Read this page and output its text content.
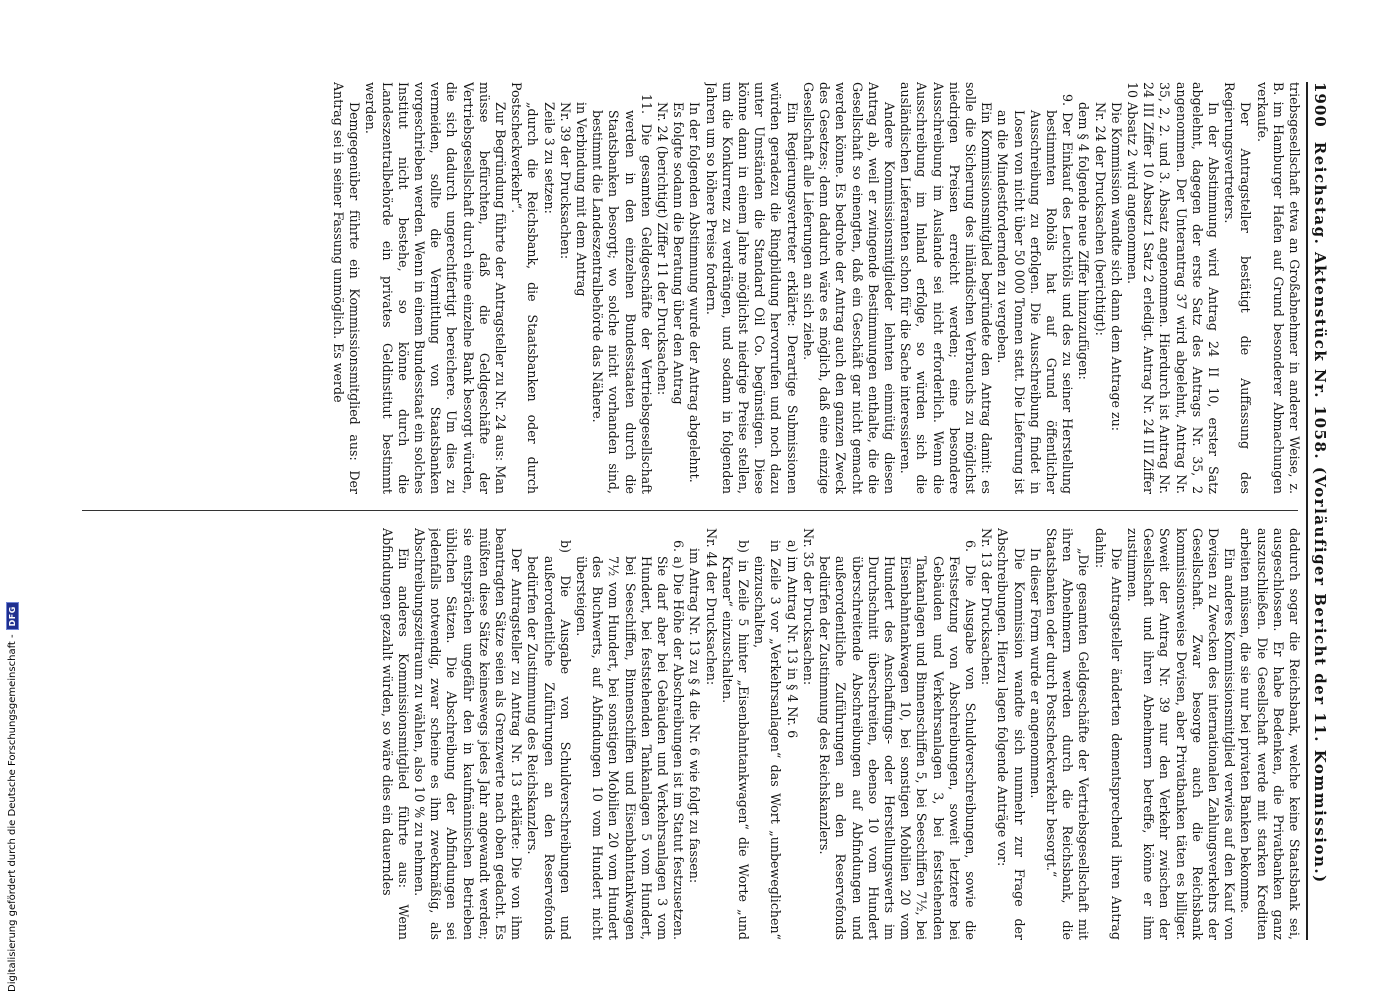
1900
Reichstag. Aktenstück Nr. 1058. (Vorläufiger Bericht der 11. Kommission.)

triebsgesellschaft etwa an Großabnehmer in anderer Weise, z. B. im Hamburger Hafen auf Grund besonderer Abmachungen verkaufe.

Der Antragsteller bestätigt die Auffassung des Regierungsvertreters.

In der Abstimmung wird Antrag 24 II 10, erster Satz abgelehnt, dagegen der erste Satz des Antrags Nr. 35, 2 angenommen. Der Unterantrag 37 wird abgelehnt, Antrag Nr. 35, 2, 2. und 3. Absatz angenommen. Hierdurch ist Antrag Nr. 24 III Ziffer 10 Absatz 1 Satz 2 erledigt. Antrag Nr. 24 III Ziffer 10 Absatz 2 wird angenommen.

Die Kommission wandte sich dann dem Antrage zu:

Nr. 24 der Drucksachen (berichtigt):

dem § 4 folgende neue Ziffer hinzuzufügen:

9. Der Einkauf des Leuchtöls und des zu seiner Herstellung bestimmten Rohöls hat auf Grund öffentlicher Ausschreibung zu erfolgen. Die Ausschreibung findet in Losen von nicht über 50 000 Tonnen statt. Die Lieferung ist an die Mindestfordernden zu vergeben.

Ein Kommissionsmitglied begründete den Antrag damit: es solle die Sicherung des inländischen Verbrauchs zu möglichst niedrigen Preisen erreicht werden; eine besondere Ausschreibung im Auslande sei nicht erforderlich. Wenn die Ausschreibung im Inland erfolge, so würden sich die ausländischen Lieferanten schon für die Sache interessieren.

Andere Kommissionsmitglieder lehnten einmütig diesen Antrag ab, weil er zwingende Bestimmungen enthalte, die die Gesellschaft so einengten, daß ein Geschäft gar nicht gemacht werden könne. Es bedrohe der Antrag auch den ganzen Zweck des Gesetzes; denn dadurch wäre es möglich, daß eine einzige Gesellschaft alle Lieferungen an sich ziehe.

Ein Regierungsvertreter erklärte: Derartige Submissionen würden geradezu die Ringbildung hervorrufen und noch dazu unter Umständen die Standard Oil Co. begünstigen. Diese könne dann in einem Jahre möglichst niedrige Preise stellen, um die Konkurrenz zu verdrängen, und sodann in folgenden Jahren um so höhere Preise fordern.

In der folgenden Abstimmung wurde der Antrag abgelehnt.

Es folgte sodann die Beratung über den Antrag

Nr. 24 (berichtigt) Ziffer 11 der Drucksachen:

11. Die gesamten Geldgeschäfte der Vertriebsgesellschaft werden in den einzelnen Bundesstaaten durch die Staatsbanken besorgt; wo solche nicht vorhanden sind, bestimmt die Landeszentralbehörde das Nähere.

in Verbindung mit dem Antrag

Nr. 39 der Drucksachen:

Zeile 3 zu setzen:

„durch die Reichsbank, die Staatsbanken oder durch Postscheckverkehr“.

Zur Begründung führte der Antragsteller zu Nr. 24 aus: Man müsse befürchten, daß die Geldgeschäfte der Vertriebsgesellschaft durch eine einzelne Bank besorgt würden, die sich dadurch ungerechtfertigt bereichere. Um dies zu vermeiden, sollte die Vermittlung von Staatsbanken vorgeschrieben werden. Wenn in einem Bundesstaat ein solches Institut nicht bestehe, so könne durch die Landeszentralbehörde ein privates Geldinstitut bestimmt werden.

Demgegenüber führte ein Kommissionsmitglied aus: Der Antrag sei in seiner Fassung unmöglich. Es werde

dadurch sogar die Reichsbank, welche keine Staatsbank sei, ausgeschlossen. Er habe Bedenken, die Privatbanken ganz auszuschließen. Die Gesellschaft werde mit starken Krediten arbeiten müssen, die sie nur bei privaten Banken bekomme.

Ein anderes Kommissionsmitglied verwies auf den Kauf von Devisen zu Zwecken des internationalen Zahlungsverkehrs der Gesellschaft. Zwar besorge auch die Reichsbank kommissionsweise Devisen, aber Privatbanken täten es billiger. Soweit der Antrag Nr. 39 nur den Verkehr zwischen der Gesellschaft und ihren Abnehmern betreffe, könne er ihm zustimmen.

Die Antragsteller änderten dementsprechend ihren Antrag dahin:

„Die gesamten Geldgeschäfte der Vertriebsgesellschaft mit ihren Abnehmern werden durch die Reichsbank, die Staatsbanken oder durch Postscheckverkehr besorgt.“

In dieser Form wurde er angenommen.

Die Kommission wandte sich nunmehr zur Frage der Abschreibungen. Hierzu lagen folgende Anträge vor:

Nr. 13 der Drucksachen:

6. Die Ausgabe von Schuldverschreibungen, sowie die Festsetzung von Abschreibungen, soweit letztere bei Gebäuden und Verkehrsanlagen 3, bei feststehenden Tankanlagen und Binnenschiffen 5, bei Seeschiffen 7½, bei Eisenbahntankwagen 10, bei sonstigen Mobilien 20 vom Hundert des Anschaffungs- oder Herstellungswerts im Durchschnitt überschreiten, ebenso 10 vom Hundert überschreitende Abschreibungen auf Abfindungen und außerordentliche Zuführungen an den Reservefonds bedürfen der Zustimmung des Reichskanzlers.

Nr. 35 der Drucksachen:

a) im Antrag Nr. 13 in § 4 Nr. 6

in Zeile 3 vor „Verkehrsanlagen“ das Wort „unbeweglichen“ einzuschalten,

b) in Zeile 5 hinter „Eisenbahntankwagen“ die Worte „und Kraner“ einzuschalten.

Nr. 44 der Drucksachen:

im Antrag Nr. 13 zu § 4 die Nr. 6 wie folgt zu fassen:

6. a) Die Höhe der Abschreibungen ist im Statut festzusetzen. Sie darf aber bei Gebäuden und Verkehrsanlagen 3 vom Hundert, bei feststehenden Tankanlagen 5 vom Hundert, bei Seeschiffen, Binnenschiffen und Eisenbahntankwagen 7½ vom Hundert, bei sonstigen Mobilien 20 vom Hundert des Buchwerts, auf Abfindungen 10 vom Hundert nicht übersteigen.

b) Die Ausgabe von Schuldverschreibungen und außerordentliche Zuführungen an den Reservefonds bedürfen der Zustimmung des Reichskanzlers.

Der Antragsteller zu Antrag Nr. 13 erklärte: Die von ihm beantragten Sätze seien als Grenzwerte nach oben gedacht. Es müßten diese Sätze keineswegs jedes Jahr angewandt werden; sie entsprächen ungefähr den in kaufmännischen Betrieben üblichen Sätzen. Die Abschreibung der Abfindungen sei jedenfalls notwendig, zwar scheine es ihm zweckmäßig, als Abschreibungszeitraum zu wählen, also 10 % zu nehmen.

Ein anderes Kommissionsmitglied führte aus: Wenn Abfindungen gezahlt würden, so wäre dies ein dauerndes

Digitalisierung gefördert durch die Deutsche Forschungsgemeinschaft -
DFG
